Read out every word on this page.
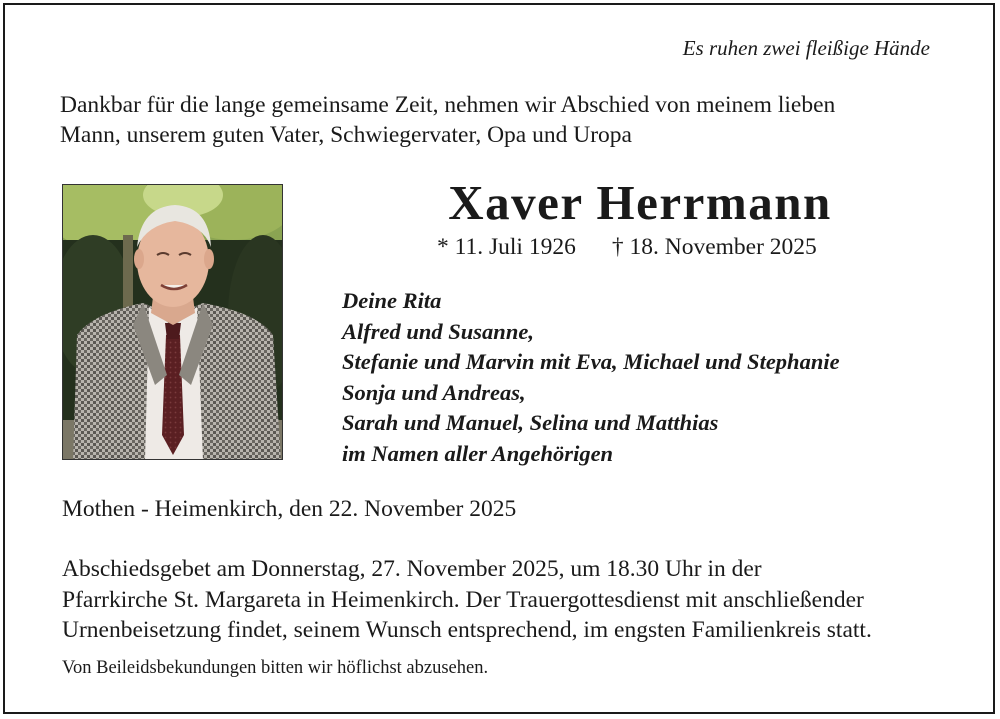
Es ruhen zwei fleißige Hände
Dankbar für die lange gemeinsame Zeit, nehmen wir Abschied von meinem lieben
Mann, unserem guten Vater, Schwiegervater, Opa und Uropa
Xaver Herrmann
* 11. Juli 1926 † 18. November 2025
Deine Rita
Alfred und Susanne,
Stefanie und Marvin mit Eva, Michael und Stephanie
Sonja und Andreas,
Sarah und Manuel, Selina und Matthias
im Namen aller Angehörigen
Mothen - Heimenkirch, den 22. November 2025
Abschiedsgebet am Donnerstag, 27. November 2025, um 18.30 Uhr in der
Pfarrkirche St. Margareta in Heimenkirch. Der Trauergottesdienst mit anschließender
Urnenbeisetzung findet, seinem Wunsch entsprechend, im engsten Familienkreis statt.
Von Beileidsbekundungen bitten wir höflichst abzusehen.
